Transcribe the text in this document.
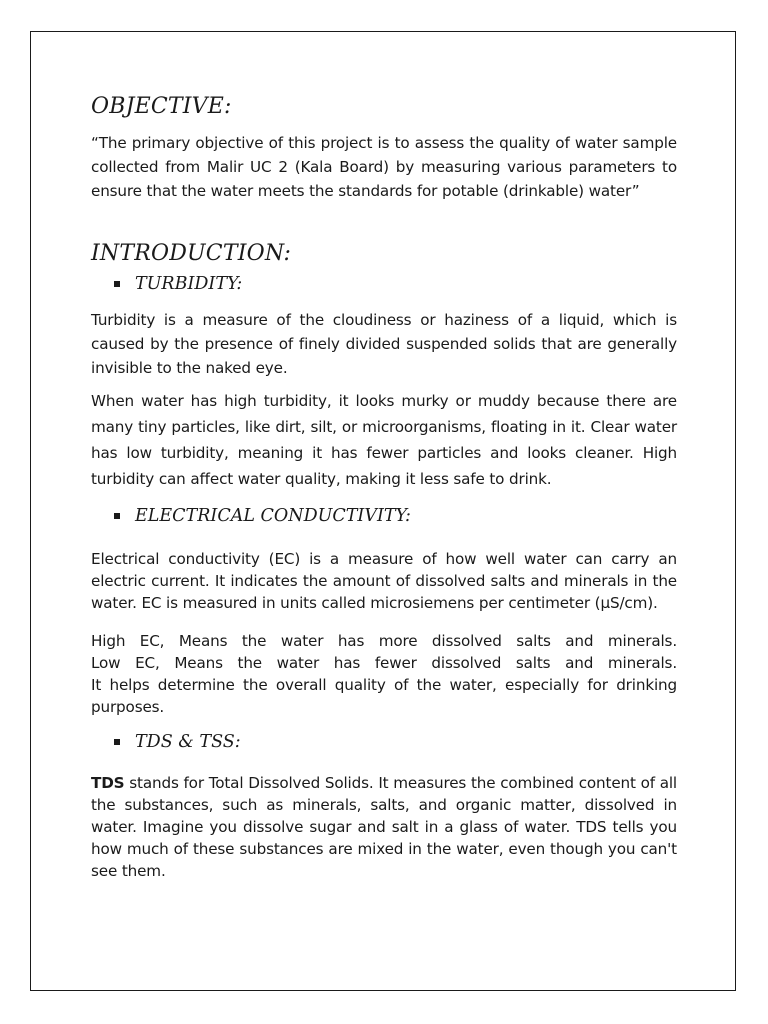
OBJECTIVE:

“The primary objective of this project is to assess the quality of water sample collected from Malir UC 2 (Kala Board) by measuring various parameters to ensure that the water meets the standards for potable (drinkable) water”

INTRODUCTION:
TURBIDITY:

Turbidity is a measure of the cloudiness or haziness of a liquid, which is caused by the presence of finely divided suspended solids that are generally invisible to the naked eye.

When water has high turbidity, it looks murky or muddy because there are many tiny particles, like dirt, silt, or microorganisms, floating in it. Clear water has low turbidity, meaning it has fewer particles and looks cleaner. High turbidity can affect water quality, making it less safe to drink.

ELECTRICAL CONDUCTIVITY:

Electrical conductivity (EC) is a measure of how well water can carry an electric current. It indicates the amount of dissolved salts and minerals in the water. EC is measured in units called microsiemens per centimeter (µS/cm).

High EC, Means the water has more dissolved salts and minerals.

Low EC, Means the water has fewer dissolved salts and minerals.

It helps determine the overall quality of the water, especially for drinking purposes.

TDS & TSS:

TDS stands for Total Dissolved Solids. It measures the combined content of all the substances, such as minerals, salts, and organic matter, dissolved in water. Imagine you dissolve sugar and salt in a glass of water. TDS tells you how much of these substances are mixed in the water, even though you can't see them.
